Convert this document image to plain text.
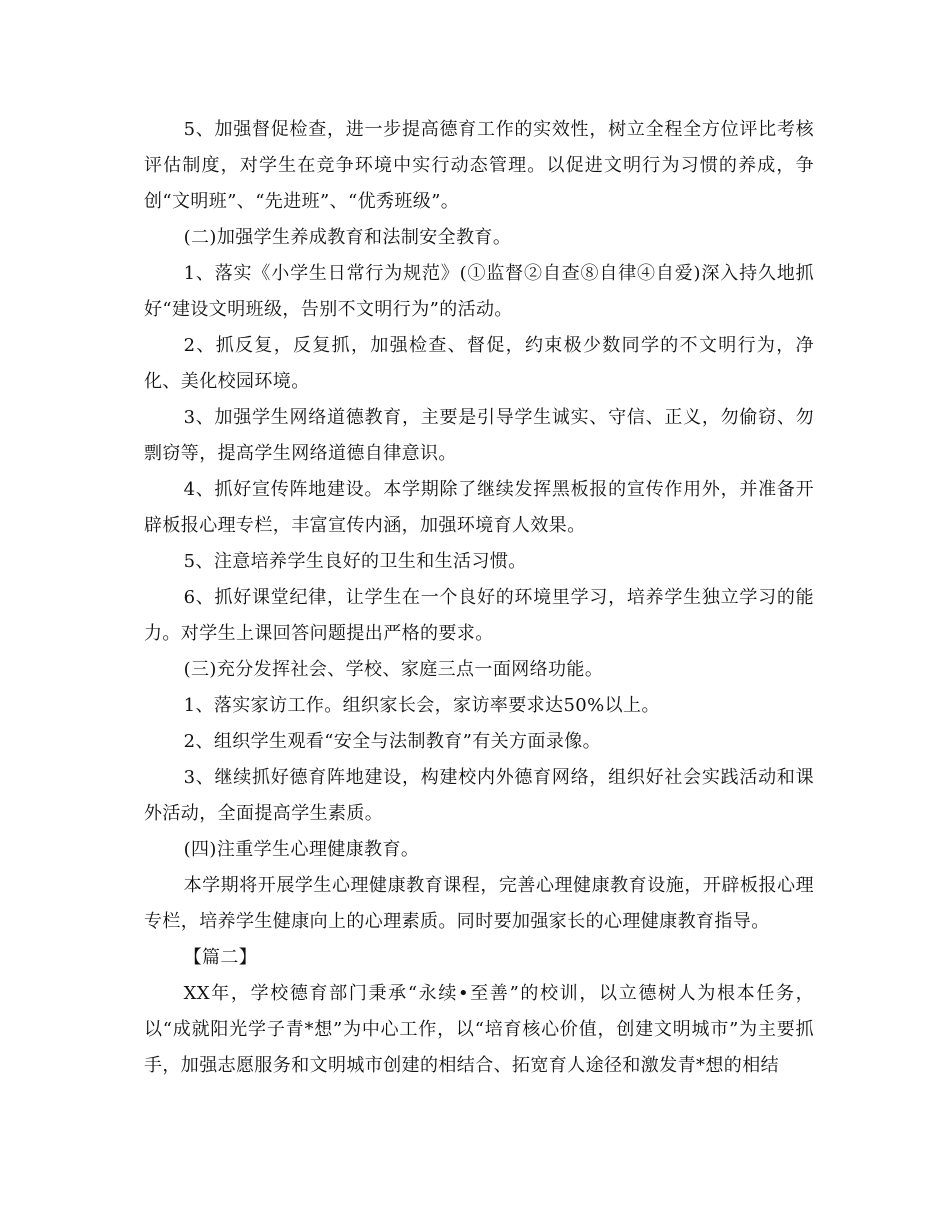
5、加强督促检查，进一步提高德育工作的实效性，树立全程全方位评比考核评估制度，对学生在竞争环境中实行动态管理。以促进文明行为习惯的养成，争创“文明班”、“先进班”、“优秀班级”。

(二)加强学生养成教育和法制安全教育。

1、落实《小学生日常行为规范》(①监督②自查⑧自律④自爱)深入持久地抓好“建设文明班级，告别不文明行为”的活动。

2、抓反复，反复抓，加强检查、督促，约束极少数同学的不文明行为，净化、美化校园环境。

3、加强学生网络道德教育，主要是引导学生诚实、守信、正义，勿偷窃、勿剽窃等，提高学生网络道德自律意识。

4、抓好宣传阵地建设。本学期除了继续发挥黑板报的宣传作用外，并准备开辟板报心理专栏，丰富宣传内涵，加强环境育人效果。

5、注意培养学生良好的卫生和生活习惯。

6、抓好课堂纪律，让学生在一个良好的环境里学习，培养学生独立学习的能力。对学生上课回答问题提出严格的要求。

(三)充分发挥社会、学校、家庭三点一面网络功能。

1、落实家访工作。组织家长会，家访率要求达50%以上。

2、组织学生观看“安全与法制教育”有关方面录像。

3、继续抓好德育阵地建设，构建校内外德育网络，组织好社会实践活动和课外活动，全面提高学生素质。

(四)注重学生心理健康教育。

本学期将开展学生心理健康教育课程，完善心理健康教育设施，开辟板报心理专栏，培养学生健康向上的心理素质。同时要加强家长的心理健康教育指导。

【篇二】

XX年，学校德育部门秉承“永续•至善”的校训，以立德树人为根本任务，以“成就阳光学子青*想”为中心工作，以“培育核心价值，创建文明城市”为主要抓手，加强志愿服务和文明城市创建的相结合、拓宽育人途径和激发青*想的相结
